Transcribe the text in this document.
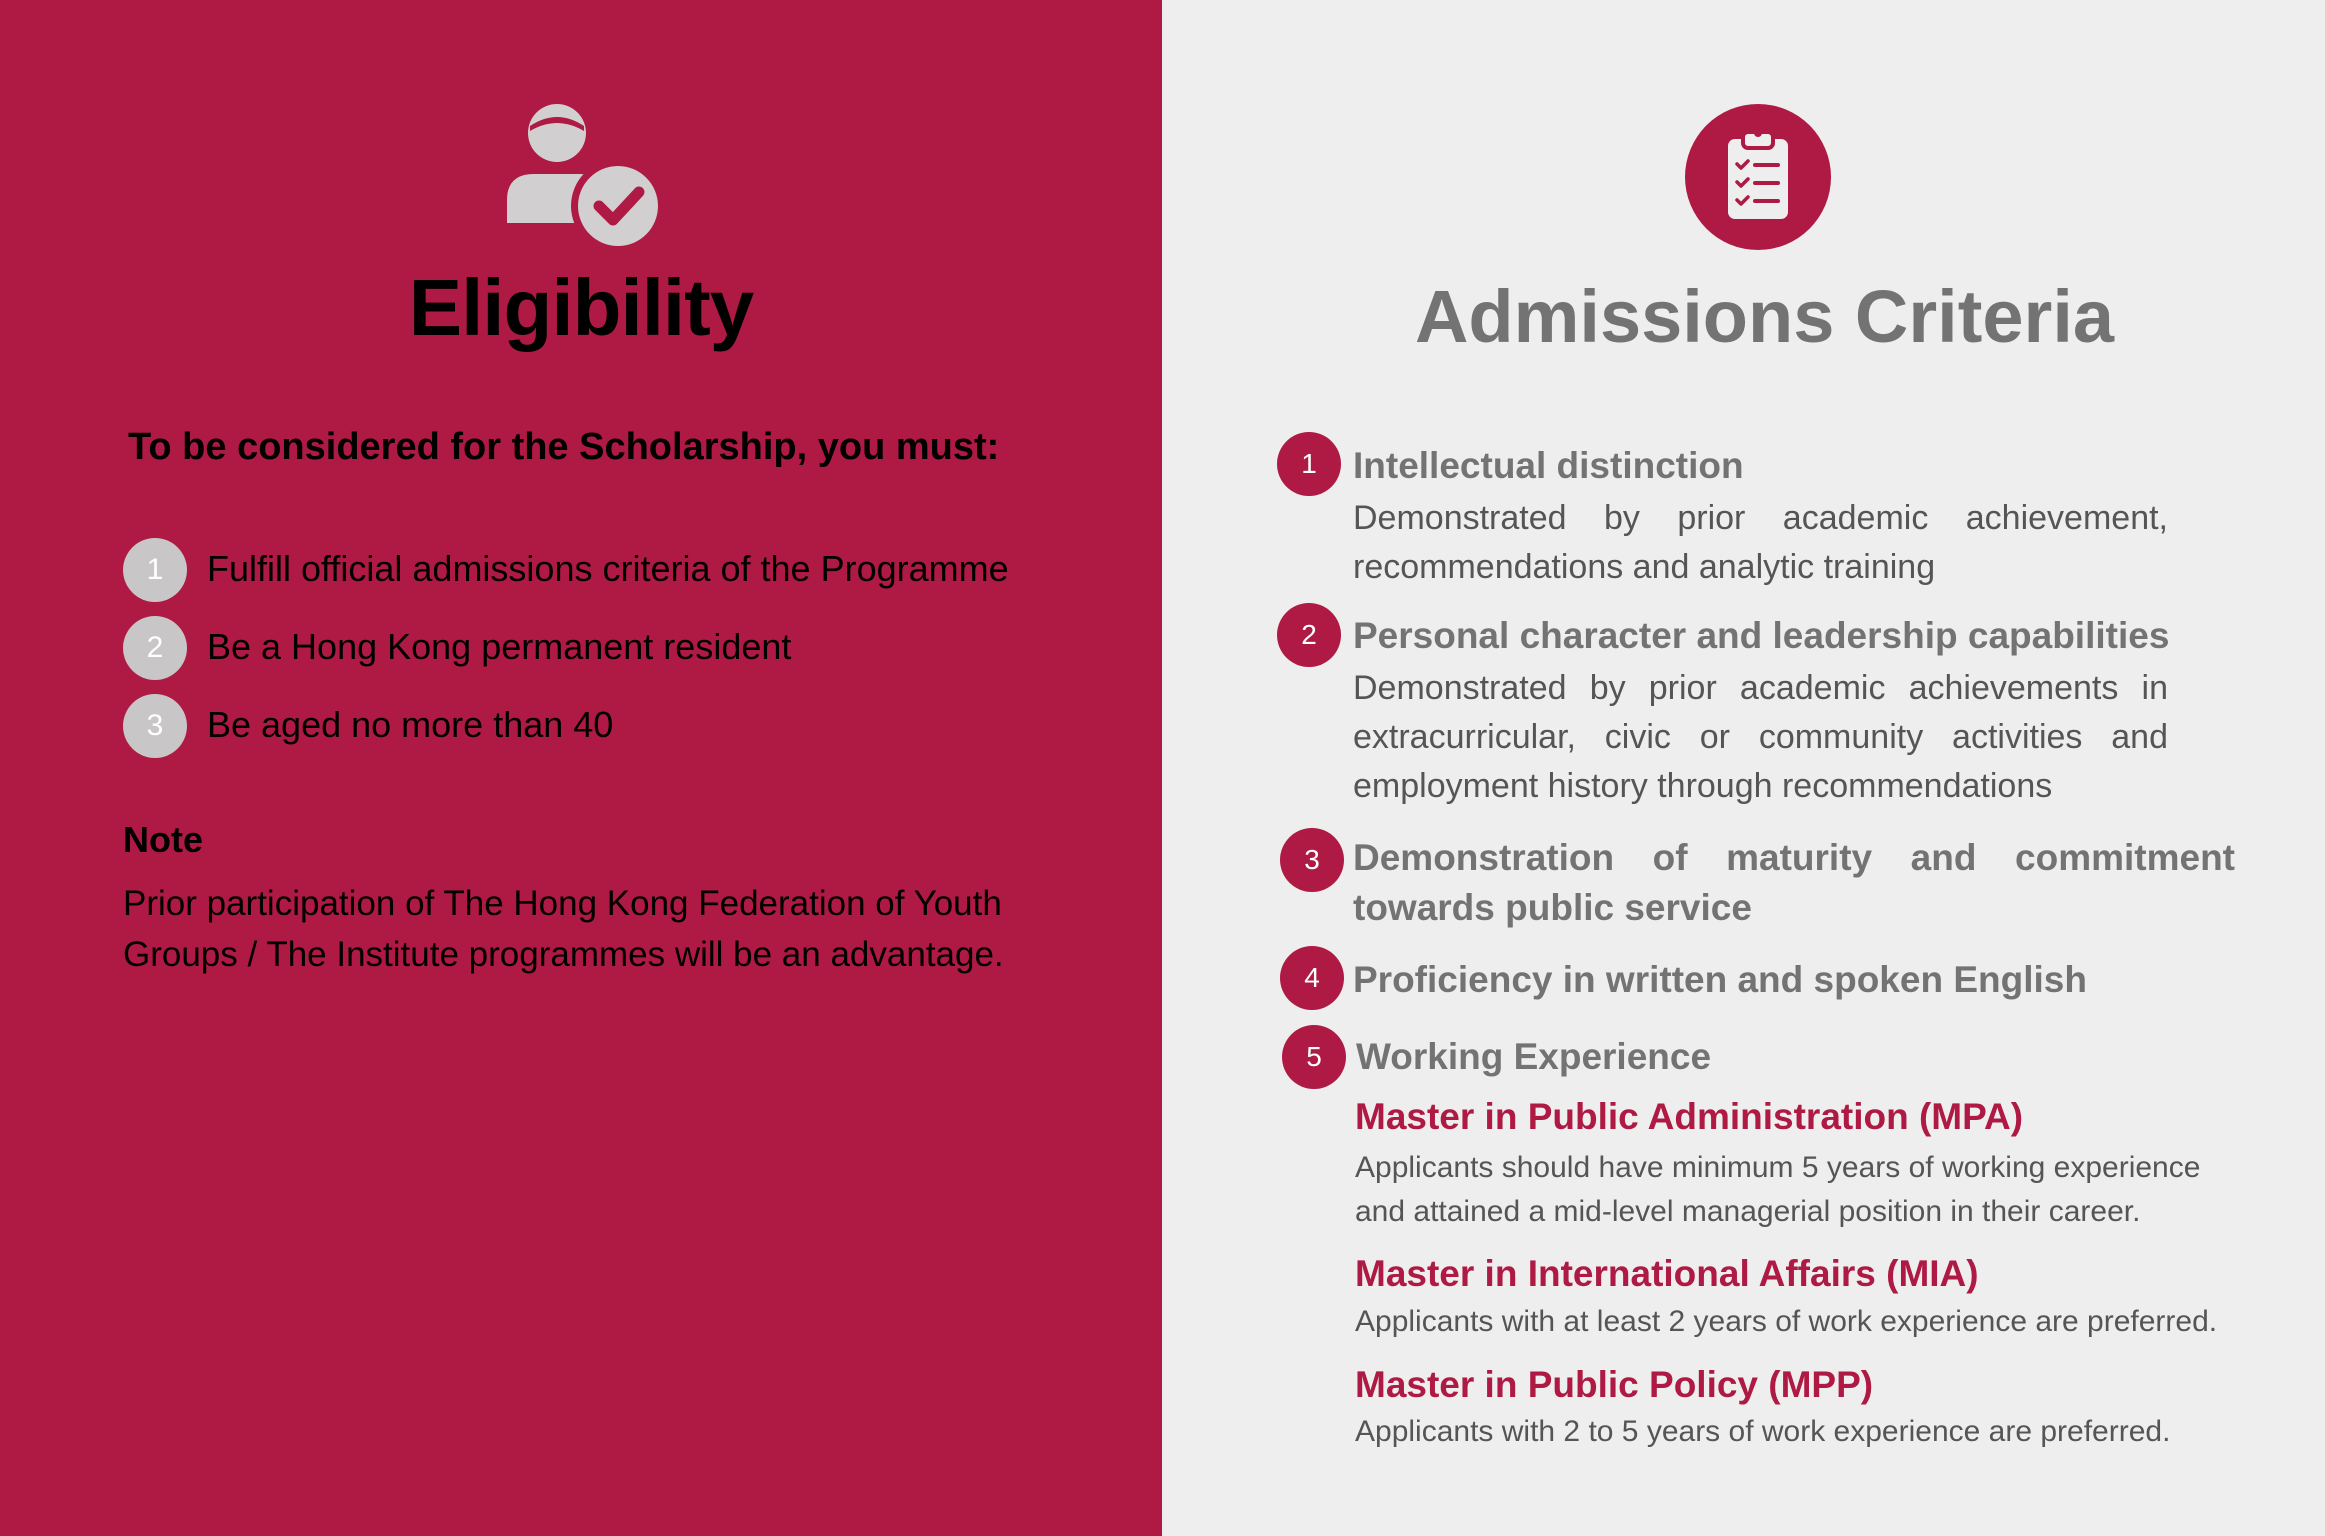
Eligibility
To be considered for the Scholarship, you must:
1	Fulfill official admissions criteria of the Programme
2	Be a Hong Kong permanent resident
3	Be aged no more than 40
Note
Prior participation of The Hong Kong Federation of Youth Groups / The Institute programmes will be an advantage.
Admissions Criteria
1 Intellectual distinction
Demonstrated by prior academic achievement, recommendations and analytic training
2 Personal character and leadership capabilities
Demonstrated by prior academic achievements in extracurricular, civic or community activities and employment history through recommendations
3 Demonstration of maturity and commitment towards public service
4 Proficiency in written and spoken English
5 Working Experience
Master in Public Administration (MPA)
Applicants should have minimum 5 years of working experience and attained a mid-level managerial position in their career.
Master in International Affairs (MIA)
Applicants with at least 2 years of work experience are preferred.
Master in Public Policy (MPP)
Applicants with 2 to 5 years of work experience are preferred.
